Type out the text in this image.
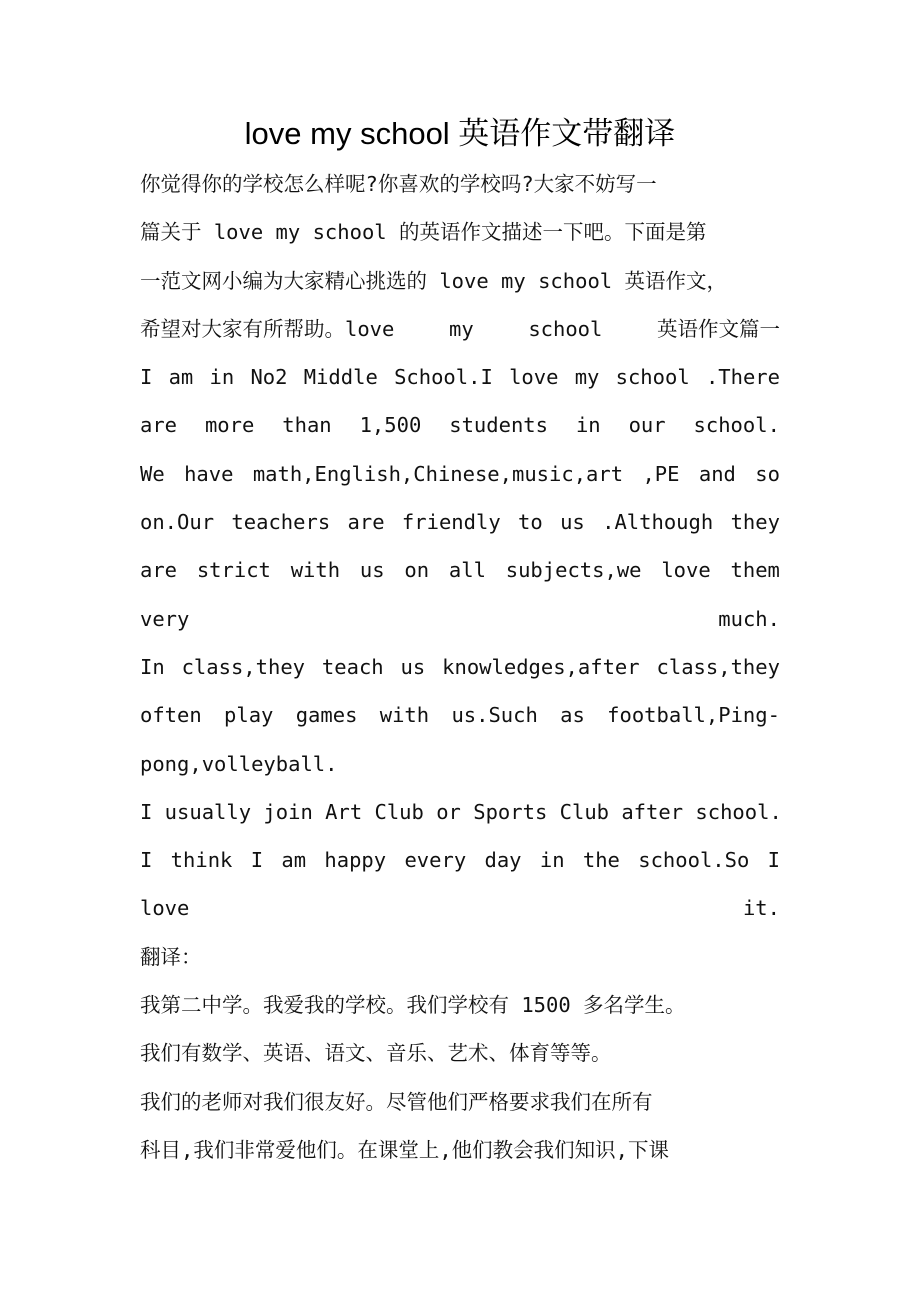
love my school 英语作文带翻译
你觉得你的学校怎么样呢?你喜欢的学校吗?大家不妨写一
篇关于 love my school 的英语作文描述一下吧。下面是第
一范文网小编为大家精心挑选的 love my school 英语作文，
希望对大家有所帮助。love	my	school	英语作文篇一
I am in No2 Middle School.I love my school .There
are more than 1,500 students in our school.
We have math,English,Chinese,music,art ,PE and so
on.Our teachers are friendly to us .Although they
are strict with us on all subjects,we love them
very	much.
In class,they teach us knowledges,after class,they
often play games with us.Such as football,Ping-
pong,volleyball.
I usually join Art Club or Sports Club after school.
I think I am happy every day in the school.So I
love	it.
翻译：
我第二中学。我爱我的学校。我们学校有 1500 多名学生。
我们有数学、英语、语文、音乐、艺术、体育等等。
我们的老师对我们很友好。尽管他们严格要求我们在所有
科目,我们非常爱他们。在课堂上,他们教会我们知识,下课
